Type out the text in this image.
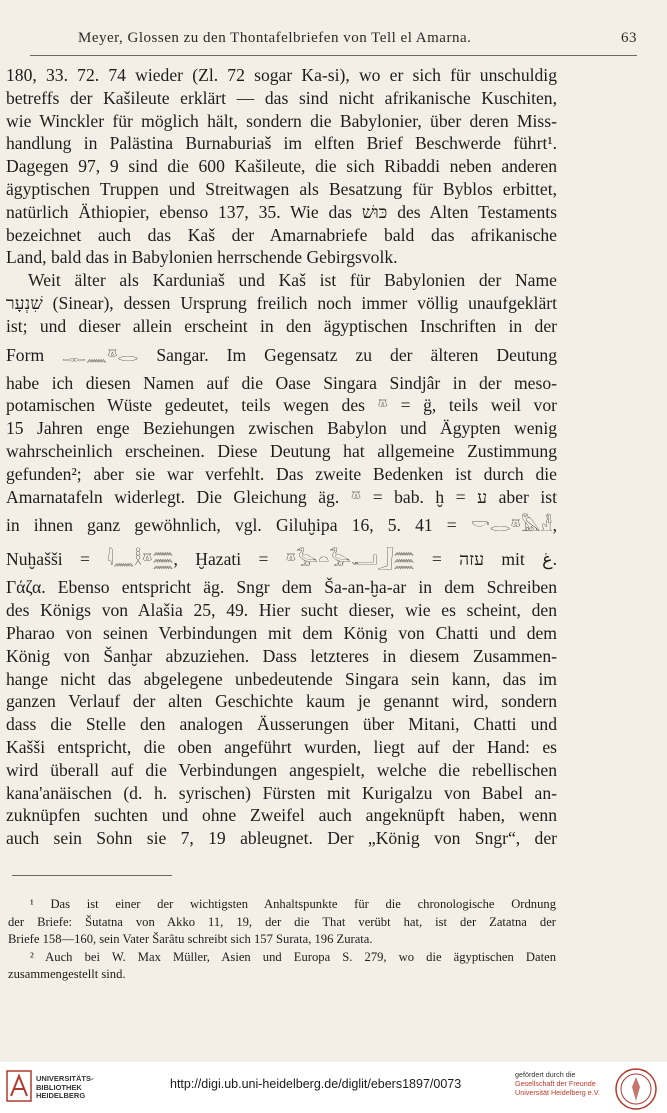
Meyer, Glossen zu den Thontafelbriefen von Tell el Amarna.	63
180, 33. 72. 74 wieder (Zl. 72 sogar Ka-si), wo er sich für unschuldig
betreffs der Kašileute erklärt — das sind nicht afrikanische Kuschiten,
wie Winckler für möglich hält, sondern die Babylonier, über deren Miss-
handlung in Palästina Burnaburiaš im elften Brief Beschwerde führt¹.
Dagegen 97, 9 sind die 600 Kašileute, die sich Ribaddi neben anderen
ägyptischen Truppen und Streitwagen als Besatzung für Byblos erbittet,
natürlich Äthiopier, ebenso 137, 35. Wie das כּוּשׁ des Alten Testaments
bezeichnet auch das Kaš der Amarnabriefe bald das afrikanische
Land, bald das in Babylonien herrschende Gebirgsvolk.
Weit älter als Karduniaš und Kaš ist für Babylonien der Name
שִׁנְעָר (Sinear), dessen Ursprung freilich noch immer völlig unaufgeklärt
ist; und dieser allein erscheint in den ägyptischen Inschriften in der
Form 𓊃𓈖𓎼𓂋 Sangar. Im Gegensatz zu der älteren Deutung
habe ich diesen Namen auf die Oase Singara Sindjâr in der meso-
potamischen Wüste gedeutet, teils wegen des 𓎼 = g̈, teils weil vor
15 Jahren enge Beziehungen zwischen Babylon und Ägypten wenig
wahrscheinlich erscheinen. Diese Deutung hat allgemeine Zustimmung
gefunden²; aber sie war verfehlt. Das zweite Bedenken ist durch die
Amarnatafeln widerlegt. Die Gleichung äg. 𓎼 = bab. ḫ = ע aber ist
in ihnen ganz gewöhnlich, vgl. Giluḫipa 16, 5. 41 = 𓎡𓂋𓎼𓅓𓁐,
Nuḫašši = 𓇋𓈖𓎛𓎼𓈗, Ḫazati = 𓎼𓅭𓏏𓅭𓂝𓃀𓈗 = עזה mit غ.
Γάζα. Ebenso entspricht äg. Sngr dem Ša-an-ḫa-ar in dem Schreiben
des Königs von Alašia 25, 49. Hier sucht dieser, wie es scheint, den
Pharao von seinen Verbindungen mit dem König von Chatti und dem
König von Šanḫar abzuziehen. Dass letzteres in diesem Zusammen-
hange nicht das abgelegene unbedeutende Singara sein kann, das im
ganzen Verlauf der alten Geschichte kaum je genannt wird, sondern
dass die Stelle den analogen Äusserungen über Mitani, Chatti und
Kašši entspricht, die oben angeführt wurden, liegt auf der Hand: es
wird überall auf die Verbindungen angespielt, welche die rebellischen
kana'anäischen (d. h. syrischen) Fürsten mit Kurigalzu von Babel an-
zuknüpfen suchten und ohne Zweifel auch angeknüpft haben, wenn
auch sein Sohn sie 7, 19 ableugnet. Der „König von Sngr“, der
¹ Das ist einer der wichtigsten Anhaltspunkte für die chronologische Ordnung
der Briefe: Šutatna von Akko 11, 19, der die That verübt hat, ist der Zatatna der
Briefe 158—160, sein Vater Šarâtu schreibt sich 157 Surata, 196 Zurata.
² Auch bei W. Max Müller, Asien und Europa S. 279, wo die ägyptischen Daten
zusammengestellt sind.
UNIVERSITÄTS-
BIBLIOTHEK
HEIDELBERG
http://digi.ub.uni-heidelberg.de/diglit/ebers1897/0073
gefördert durch die
Gesellschaft der Freunde
Universität Heidelberg e.V.
